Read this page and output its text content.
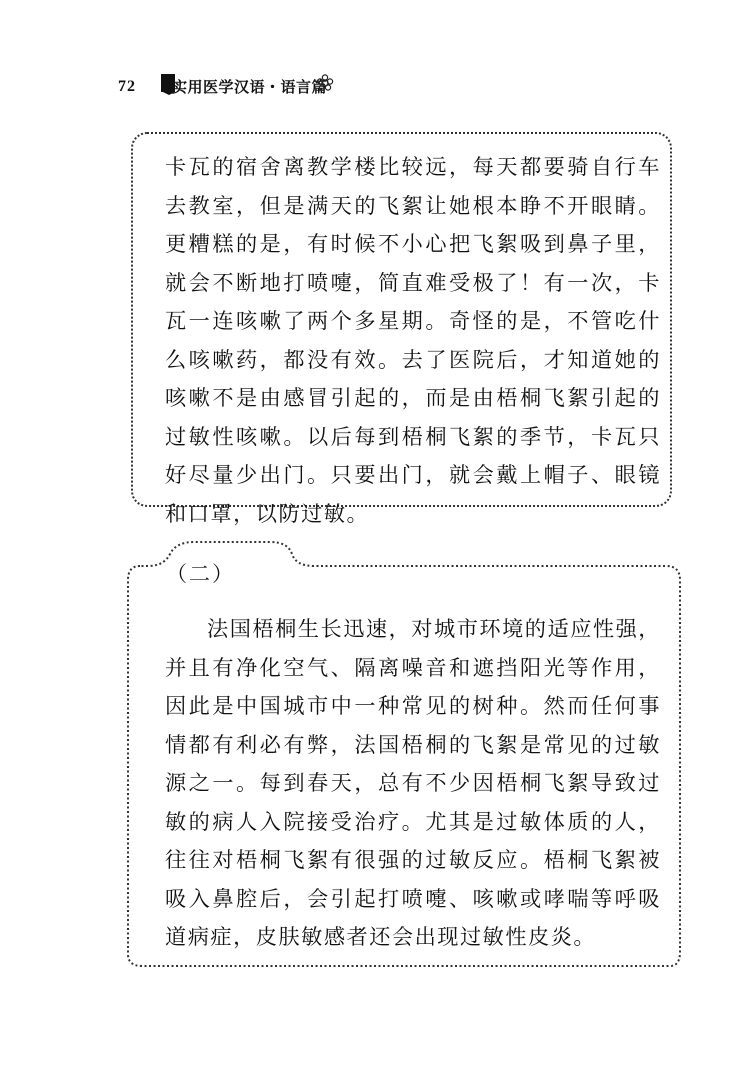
72 实用医学汉语・语言篇

卡瓦的宿舍离教学楼比较远，每天都要骑自行车去教室，但是满天的飞絮让她根本睁不开眼睛。更糟糕的是，有时候不小心把飞絮吸到鼻子里，就会不断地打喷嚏，简直难受极了！有一次，卡瓦一连咳嗽了两个多星期。奇怪的是，不管吃什么咳嗽药，都没有效。去了医院后，才知道她的咳嗽不是由感冒引起的，而是由梧桐飞絮引起的过敏性咳嗽。以后每到梧桐飞絮的季节，卡瓦只好尽量少出门。只要出门，就会戴上帽子、眼镜和口罩，以防过敏。

（二）

法国梧桐生长迅速，对城市环境的适应性强，并且有净化空气、隔离噪音和遮挡阳光等作用，因此是中国城市中一种常见的树种。然而任何事情都有利必有弊，法国梧桐的飞絮是常见的过敏源之一。每到春天，总有不少因梧桐飞絮导致过敏的病人入院接受治疗。尤其是过敏体质的人，往往对梧桐飞絮有很强的过敏反应。梧桐飞絮被吸入鼻腔后，会引起打喷嚏、咳嗽或哮喘等呼吸道病症，皮肤敏感者还会出现过敏性皮炎。
